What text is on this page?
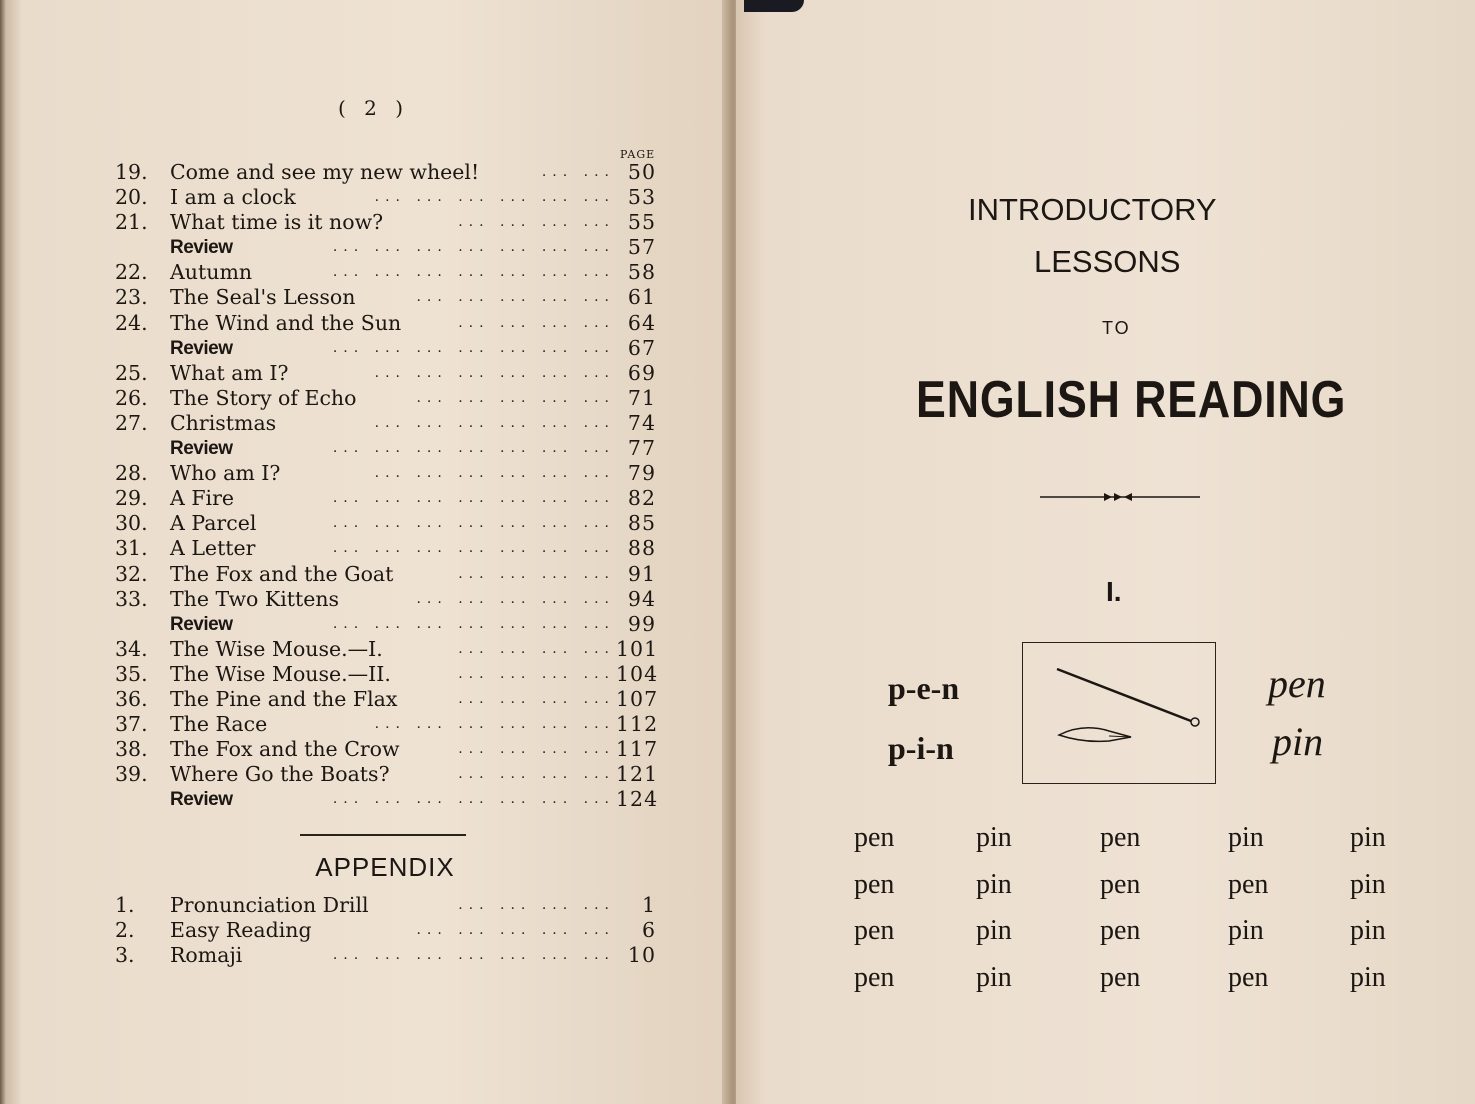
( 2 )
PAGE
19.	Come and see my new wheel!	50
... ...
20.	I am a clock	53
... ... ... ... ... ...
21.	What time is it now?	55
... ... ... ...
Review	57
... ... ... ... ... ... ...
22.	Autumn	58
... ... ... ... ... ... ...
23.	The Seal's Lesson	61
... ... ... ... ...
24.	The Wind and the Sun	64
... ... ... ...
Review	67
... ... ... ... ... ... ...
25.	What am I?	69
... ... ... ... ... ...
26.	The Story of Echo	71
... ... ... ... ...
27.	Christmas	74
... ... ... ... ... ...
Review	77
... ... ... ... ... ... ...
28.	Who am I?	79
... ... ... ... ... ...
29.	A Fire	82
... ... ... ... ... ... ...
30.	A Parcel	85
... ... ... ... ... ... ...
31.	A Letter	88
... ... ... ... ... ... ...
32.	The Fox and the Goat	91
... ... ... ...
33.	The Two Kittens	94
... ... ... ... ...
Review	99
... ... ... ... ... ... ...
34.	The Wise Mouse.—I.	101
... ... ... ...
35.	The Wise Mouse.—II.	104
... ... ... ...
36.	The Pine and the Flax	107
... ... ... ...
37.	The Race	112
... ... ... ... ... ...
38.	The Fox and the Crow	117
... ... ... ...
39.	Where Go the Boats?	121
... ... ... ...
Review	124
... ... ... ... ... ... ...
APPENDIX
1.	Pronunciation Drill	1
... ... ... ...
2.	Easy Reading	6
... ... ... ... ...
3.	Romaji	10
... ... ... ... ... ... ...
INTRODUCTORY
LESSONS
TO
ENGLISH READING
I.
p-e-n
p-i-n
pen
pin
pen	pin	pen	pin	pin
pen	pin	pen	pen	pin
pen	pin	pen	pin	pin
pen	pin	pen	pen	pin
